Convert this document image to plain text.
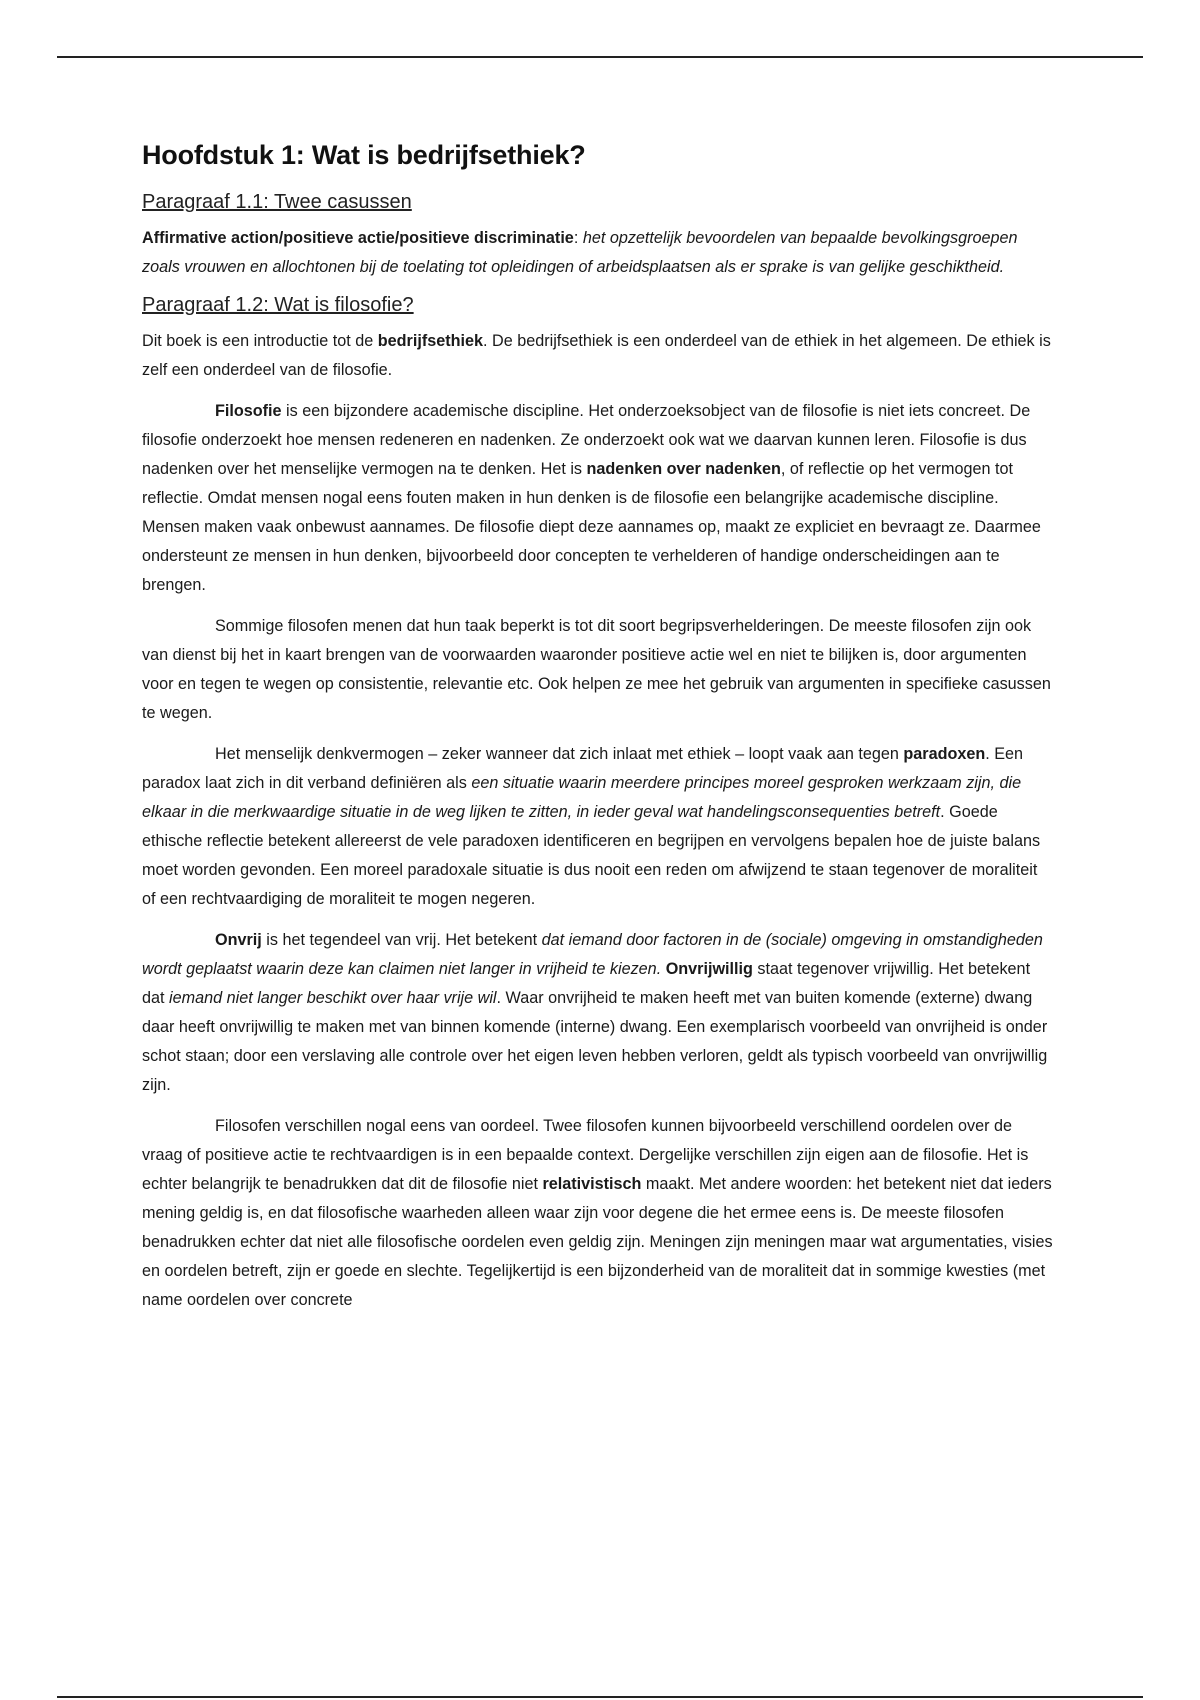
Hoofdstuk 1: Wat is bedrijfsethiek?
Paragraaf 1.1: Twee casussen

Affirmative action/positieve actie/positieve discriminatie: het opzettelijk bevoordelen van bepaalde bevolkingsgroepen zoals vrouwen en allochtonen bij de toelating tot opleidingen of arbeidsplaatsen als er sprake is van gelijke geschiktheid.

Paragraaf 1.2: Wat is filosofie?

Dit boek is een introductie tot de bedrijfsethiek. De bedrijfsethiek is een onderdeel van de ethiek in het algemeen. De ethiek is zelf een onderdeel van de filosofie.

Filosofie is een bijzondere academische discipline. Het onderzoeksobject van de filosofie is niet iets concreet. De filosofie onderzoekt hoe mensen redeneren en nadenken. Ze onderzoekt ook wat we daarvan kunnen leren. Filosofie is dus nadenken over het menselijke vermogen na te denken. Het is nadenken over nadenken, of reflectie op het vermogen tot reflectie. Omdat mensen nogal eens fouten maken in hun denken is de filosofie een belangrijke academische discipline. Mensen maken vaak onbewust aannames. De filosofie diept deze aannames op, maakt ze expliciet en bevraagt ze. Daarmee ondersteunt ze mensen in hun denken, bijvoorbeeld door concepten te verhelderen of handige onderscheidingen aan te brengen.

Sommige filosofen menen dat hun taak beperkt is tot dit soort begripsverhelderingen. De meeste filosofen zijn ook van dienst bij het in kaart brengen van de voorwaarden waaronder positieve actie wel en niet te bilijken is, door argumenten voor en tegen te wegen op consistentie, relevantie etc. Ook helpen ze mee het gebruik van argumenten in specifieke casussen te wegen.

Het menselijk denkvermogen – zeker wanneer dat zich inlaat met ethiek – loopt vaak aan tegen paradoxen. Een paradox laat zich in dit verband definiëren als een situatie waarin meerdere principes moreel gesproken werkzaam zijn, die elkaar in die merkwaardige situatie in de weg lijken te zitten, in ieder geval wat handelingsconsequenties betreft. Goede ethische reflectie betekent allereerst de vele paradoxen identificeren en begrijpen en vervolgens bepalen hoe de juiste balans moet worden gevonden. Een moreel paradoxale situatie is dus nooit een reden om afwijzend te staan tegenover de moraliteit of een rechtvaardiging de moraliteit te mogen negeren.

Onvrij is het tegendeel van vrij. Het betekent dat iemand door factoren in de (sociale) omgeving in omstandigheden wordt geplaatst waarin deze kan claimen niet langer in vrijheid te kiezen. Onvrijwillig staat tegenover vrijwillig. Het betekent dat iemand niet langer beschikt over haar vrije wil. Waar onvrijheid te maken heeft met van buiten komende (externe) dwang daar heeft onvrijwillig te maken met van binnen komende (interne) dwang. Een exemplarisch voorbeeld van onvrijheid is onder schot staan; door een verslaving alle controle over het eigen leven hebben verloren, geldt als typisch voorbeeld van onvrijwillig zijn.

Filosofen verschillen nogal eens van oordeel. Twee filosofen kunnen bijvoorbeeld verschillend oordelen over de vraag of positieve actie te rechtvaardigen is in een bepaalde context. Dergelijke verschillen zijn eigen aan de filosofie. Het is echter belangrijk te benadrukken dat dit de filosofie niet relativistisch maakt. Met andere woorden: het betekent niet dat ieders mening geldig is, en dat filosofische waarheden alleen waar zijn voor degene die het ermee eens is. De meeste filosofen benadrukken echter dat niet alle filosofische oordelen even geldig zijn. Meningen zijn meningen maar wat argumentaties, visies en oordelen betreft, zijn er goede en slechte. Tegelijkertijd is een bijzonderheid van de moraliteit dat in sommige kwesties (met name oordelen over concrete
